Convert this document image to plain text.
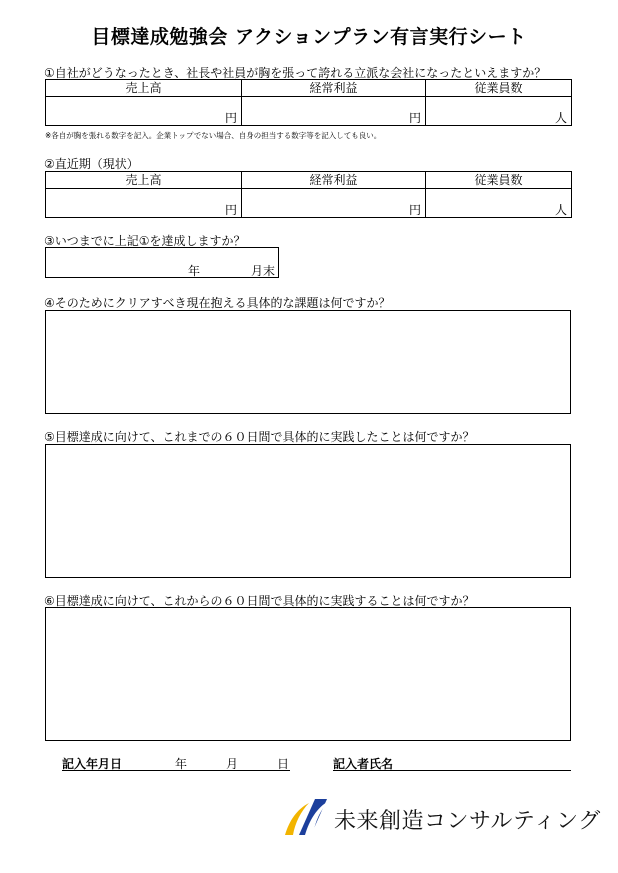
目標達成勉強会 アクションプラン有言実行シート
①自社がどうなったとき、社長や社員が胸を張って誇れる立派な会社になったといえますか？
売上高	経常利益	従業員数
円	円	人
※各自が胸を張れる数字を記入。企業トップでない場合、自身の担当する数字等を記入しても良い。
②直近期（現状）
売上高	経常利益	従業員数
円	円	人
③いつまでに上記①を達成しますか？
年	月末
④そのためにクリアすべき現在抱える具体的な課題は何ですか？
⑤目標達成に向けて、これまでの６０日間で具体的に実践したことは何ですか？
⑥目標達成に向けて、これからの６０日間で具体的に実践することは何ですか？
記入年月日	年	月	日	記入者氏名
未来創造コンサルティング
